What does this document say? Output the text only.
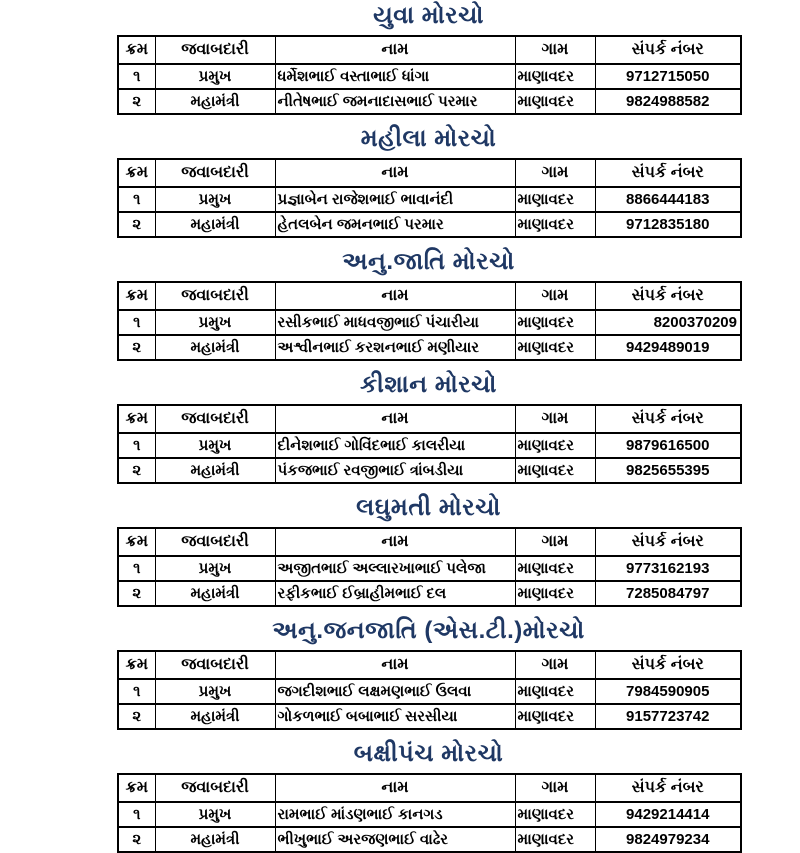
યુવા મોરચો
ક્રમ	જવાબદારી	નામ	ગામ	સંપર્ક નંબર
૧	પ્રમુખ	ધર્મેશભાઈ વસ્તાભાઈ ધાંગા	માણાવદર	9712715050
૨	મહામંત્રી	નીતેષભાઈ જમનાદાસભાઈ પરમાર	માણાવદર	9824988582
મહીલા મોરચો
ક્રમ	જવાબદારી	નામ	ગામ	સંપર્ક નંબર
૧	પ્રમુખ	પ્રજ્ઞાબેન રાજેશભાઈ ભાવાનંદી	માણાવદર	8866444183
૨	મહામંત્રી	હેતલબેન જમનભાઈ પરમાર	માણાવદર	9712835180
અનુ.જાતિ મોરચો
ક્રમ	જવાબદારી	નામ	ગામ	સંપર્ક નંબર
૧	પ્રમુખ	રસીકભાઈ માધવજીભાઈ પંચારીયા	માણાવદર	8200370209
૨	મહામંત્રી	અશ્વીનભાઈ કરશનભાઈ મણીયાર	માણાવદર	9429489019
કીશાન મોરચો
ક્રમ	જવાબદારી	નામ	ગામ	સંપર્ક નંબર
૧	પ્રમુખ	દીનેશભાઈ ગોવિંદભાઈ કાલરીયા	માણાવદર	9879616500
૨	મહામંત્રી	પંકજભાઈ રવજીભાઈ ત્રાંબડીયા	માણાવદર	9825655395
લઘુમતી મોરચો
ક્રમ	જવાબદારી	નામ	ગામ	સંપર્ક નંબર
૧	પ્રમુખ	અજીતભાઈ અલ્લારખાભાઈ પલેજા	માણાવદર	9773162193
૨	મહામંત્રી	રફીકભાઈ ઈબ્રાહીમભાઈ દલ	માણાવદર	7285084797
અનુ.જનજાતિ (એસ.ટી.)મોરચો
ક્રમ	જવાબદારી	નામ	ગામ	સંપર્ક નંબર
૧	પ્રમુખ	જગદીશભાઈ લક્ષમણભાઈ ઉલવા	માણાવદર	7984590905
૨	મહામંત્રી	ગોકળભાઈ બબાભાઈ સરસીયા	માણાવદર	9157723742
બક્ષીપંચ મોરચો
ક્રમ	જવાબદારી	નામ	ગામ	સંપર્ક નંબર
૧	પ્રમુખ	રામભાઈ માંડણભાઈ કાનગડ	માણાવદર	9429214414
૨	મહામંત્રી	ભીખુભાઈ અરજણભાઈ વાઢેર	માણાવદર	9824979234
